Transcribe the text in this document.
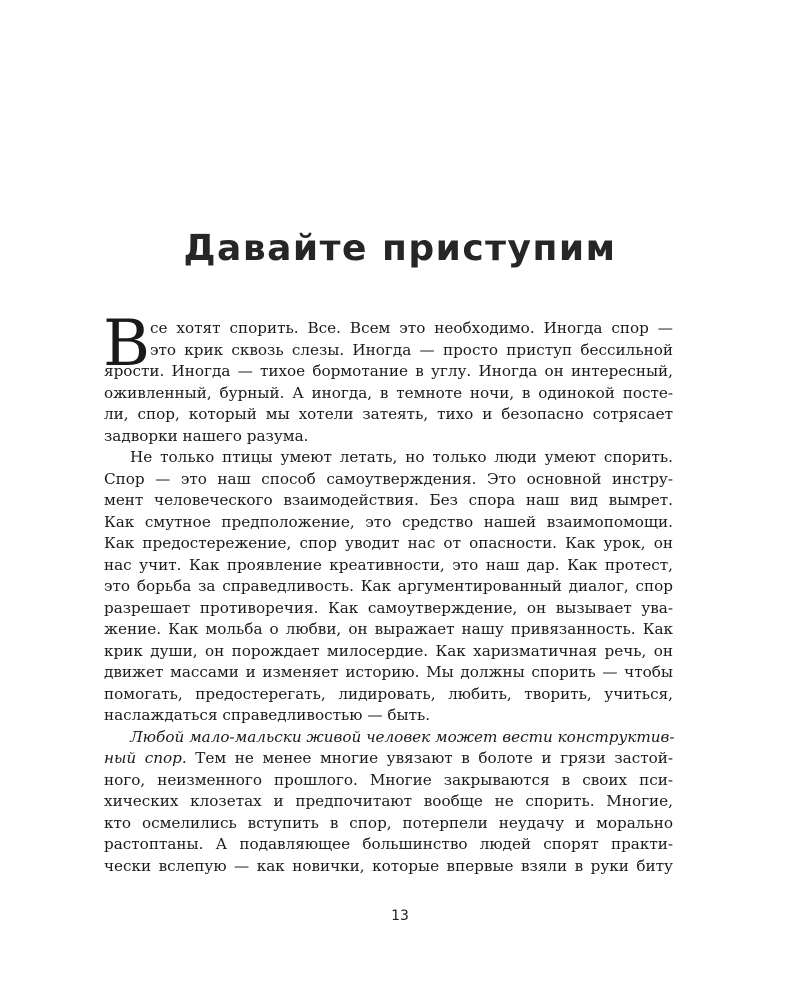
Давайте приступим
В се хотят спорить. Все. Всем это необходимо. Иногда спор —
это крик сквозь слезы. Иногда — просто приступ бессильной
ярости. Иногда — тихое бормотание в углу. Иногда он интересный,
оживленный, бурный. А иногда, в темноте ночи, в одинокой посте-
ли, спор, который мы хотели затеять, тихо и безопасно сотрясает
задворки нашего разума.
Не только птицы умеют летать, но только люди умеют спорить.
Спор — это наш способ самоутверждения. Это основной инстру-
мент человеческого взаимодействия. Без спора наш вид вымрет.
Как смутное предположение, это средство нашей взаимопомощи.
Как предостережение, спор уводит нас от опасности. Как урок, он
нас учит. Как проявление креативности, это наш дар. Как протест,
это борьба за справедливость. Как аргументированный диалог, спор
разрешает противоречия. Как самоутверждение, он вызывает ува-
жение. Как мольба о любви, он выражает нашу привязанность. Как
крик души, он порождает милосердие. Как харизматичная речь, он
движет массами и изменяет историю. Мы должны спорить — чтобы
помогать, предостерегать, лидировать, любить, творить, учиться,
наслаждаться справедливостью — быть.
Любой мало-мальски живой человек может вести конструктив-
ный спор. Тем не менее многие увязают в болоте и грязи застой-
ного, неизменного прошлого. Многие закрываются в своих пси-
хических клозетах и предпочитают вообще не спорить. Многие,
кто осмелились вступить в спор, потерпели неудачу и морально
растоптаны. А подавляющее большинство людей спорят практи-
чески вслепую — как новички, которые впервые взяли в руки биту
13
